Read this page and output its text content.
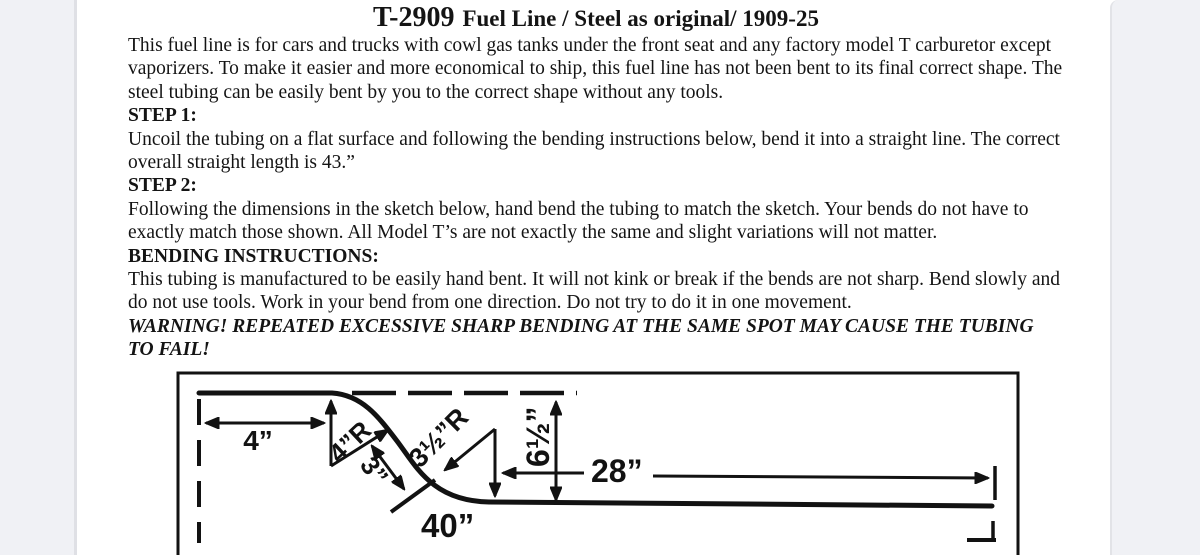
T-2909 Fuel Line / Steel as original/ 1909-25
This fuel line is for cars and trucks with cowl gas tanks under the front seat and any factory model T carburetor except vaporizers. To make it easier and more economical to ship, this fuel line has not been bent to its final correct shape. The steel tubing can be easily bent by you to the correct shape without any tools.
STEP 1:
Uncoil the tubing on a flat surface and following the bending instructions below, bend it into a straight line. The correct overall straight length is 43.”
STEP 2:
Following the dimensions in the sketch below, hand bend the tubing to match the sketch. Your bends do not have to exactly match those shown. All Model T’s are not exactly the same and slight variations will not matter.
BENDING INSTRUCTIONS:
This tubing is manufactured to be easily hand bent. It will not kink or break if the bends are not sharp. Bend slowly and do not use tools. Work in your bend from one direction. Do not try to do it in one movement.
WARNING! REPEATED EXCESSIVE SHARP BENDING AT THE SAME SPOT MAY CAUSE THE TUBING TO FAIL!
4” 4”R
3” 3½”R 6½”
28”
40”
